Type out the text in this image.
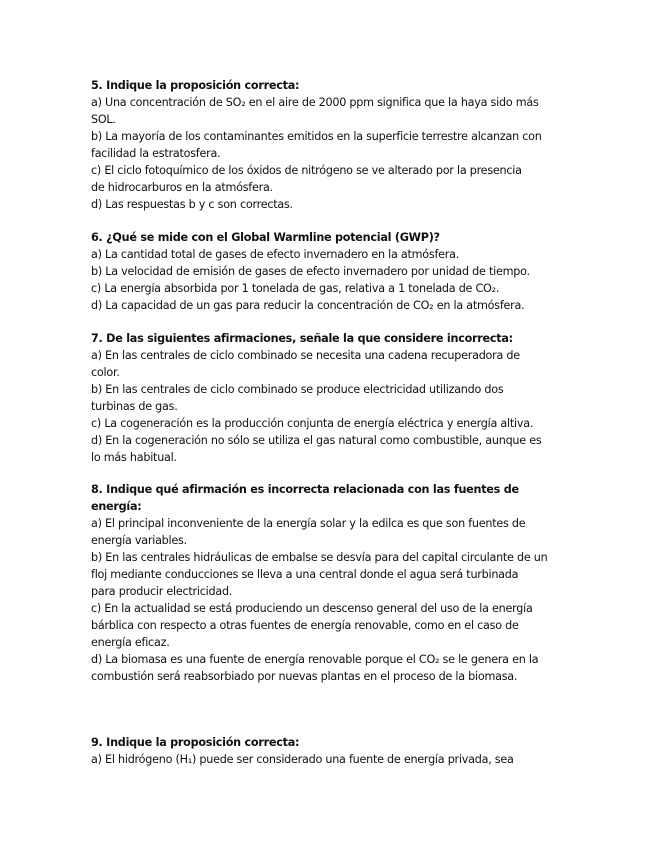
5. Indique la proposición correcta:
a) Una concentración de SO₂ en el aire de 2000 ppm significa que la haya sido más
SOL.
b) La mayoría de los contaminantes emitidos en la superficie terrestre alcanzan con
facilidad la estratosfera.
c) El ciclo fotoquímico de los óxidos de nitrógeno se ve alterado por la presencia
de hidrocarburos en la atmósfera.
d) Las respuestas b y c son correctas.
6. ¿Qué se mide con el Global Warmline potencial (GWP)?
a) La cantidad total de gases de efecto invernadero en la atmósfera.
b) La velocidad de emisión de gases de efecto invernadero por unidad de tiempo.
c) La energía absorbida por 1 tonelada de gas, relativa a 1 tonelada de CO₂.
d) La capacidad de un gas para reducir la concentración de CO₂ en la atmósfera.
7. De las siguientes afirmaciones, señale la que considere incorrecta:
a) En las centrales de ciclo combinado se necesita una cadena recuperadora de
color.
b) En las centrales de ciclo combinado se produce electricidad utilizando dos
turbinas de gas.
c) La cogeneración es la producción conjunta de energía eléctrica y energía altiva.
d) En la cogeneración no sólo se utiliza el gas natural como combustible, aunque es
lo más habitual.
8. Indique qué afirmación es incorrecta relacionada con las fuentes de
energía:
a) El principal inconveniente de la energía solar y la edilca es que son fuentes de
energía variables.
b) En las centrales hidráulicas de embalse se desvía para del capital circulante de un
floj mediante conducciones se lleva a una central donde el agua será turbinada
para producir electricidad.
c) En la actualidad se está produciendo un descenso general del uso de la energía
bárblica con respecto a otras fuentes de energía renovable, como en el caso de
energía eficaz.
d) La biomasa es una fuente de energía renovable porque el CO₂ se le genera en la
combustión será reabsorbiado por nuevas plantas en el proceso de la biomasa.
9. Indique la proposición correcta:
a) El hidrógeno (H₁) puede ser considerado una fuente de energía privada, sea
